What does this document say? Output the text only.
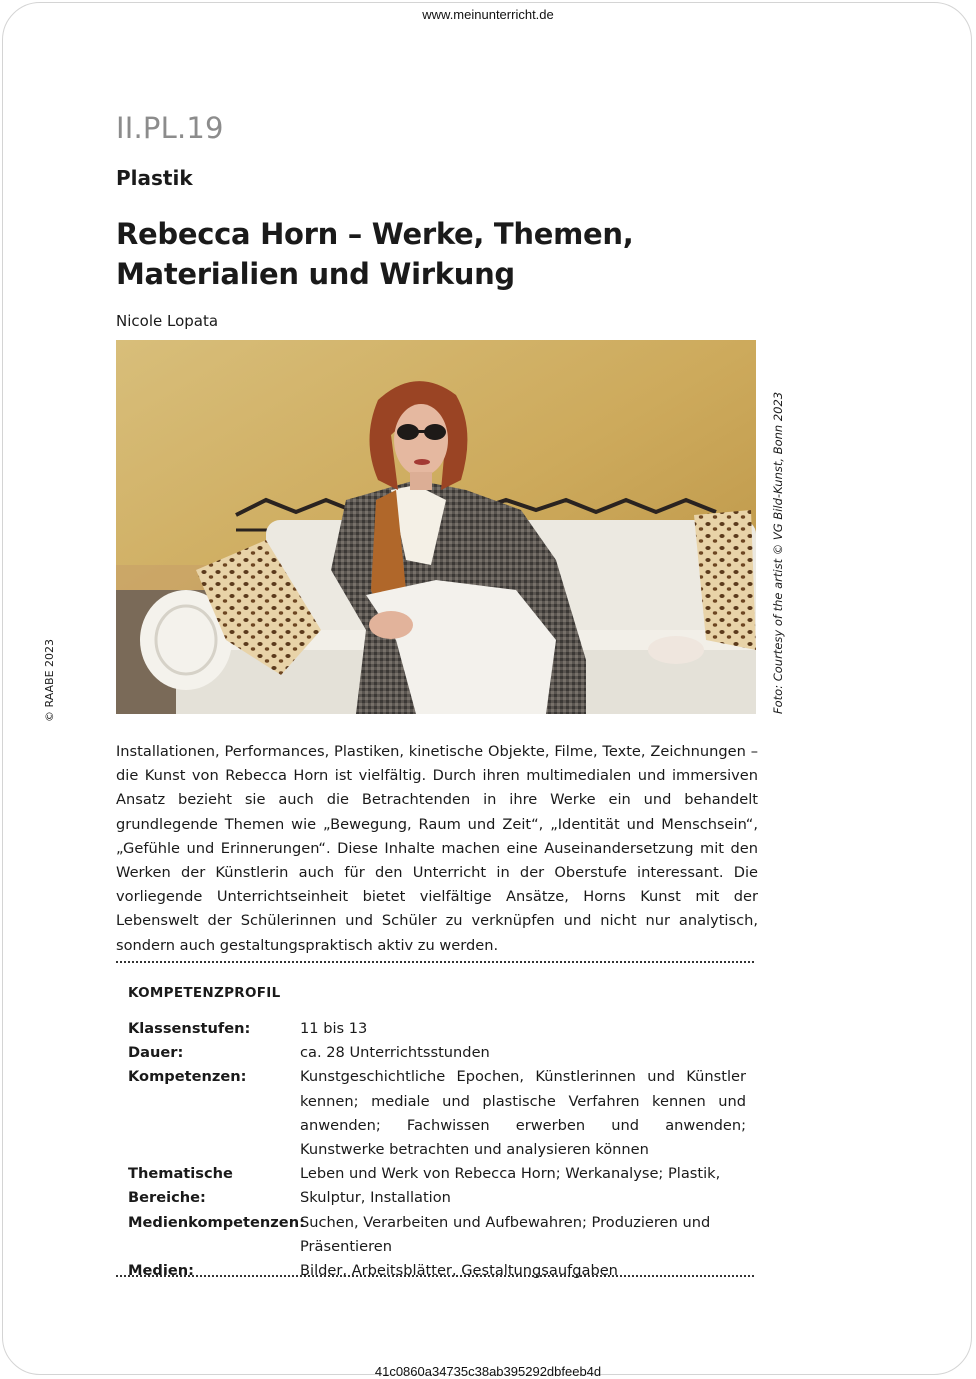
www.meinunterricht.de
II.PL.19
Plastik
Rebecca Horn – Werke, Themen, Materialien und Wirkung
Nicole Lopata
Foto: Courtesy of the artist © VG Bild-Kunst, Bonn 2023
© RAABE 2023
Installationen, Performances, Plastiken, kinetische Objekte, Filme, Texte, Zeichnungen – die Kunst von Rebecca Horn ist vielfältig. Durch ihren multimedialen und immersiven Ansatz bezieht sie auch die Betrachtenden in ihre Werke ein und behandelt grundlegende Themen wie „Bewegung, Raum und Zeit“, „Identität und Menschsein“, „Gefühle und Erinnerungen“. Diese Inhalte machen eine Auseinandersetzung mit den Werken der Künstlerin auch für den Unterricht in der Oberstufe interessant. Die vorliegende Unterrichtseinheit bietet vielfältige Ansätze, Horns Kunst mit der Lebenswelt der Schülerinnen und Schüler zu verknüpfen und nicht nur analytisch, sondern auch gestaltungspraktisch aktiv zu werden.
KOMPETENZPROFIL
Klassenstufen:	11 bis 13
Dauer:	ca. 28 Unterrichtsstunden
Kompetenzen:	Kunstgeschichtliche Epochen, Künstlerinnen und Künstler kennen; mediale und plastische Verfahren kennen und anwenden; Fachwissen erwerben und anwenden; Kunstwerke betrachten und analysieren können
Thematische Bereiche:
Leben und Werk von Rebecca Horn; Werkanalyse; Plastik, Skulptur, Installation
Medienkompetenzen:
Suchen, Verarbeiten und Aufbewahren; Produzieren und Präsentieren
Medien:	Bilder, Arbeitsblätter, Gestaltungsaufgaben
41c0860a34735c38ab395292dbfeeb4d
